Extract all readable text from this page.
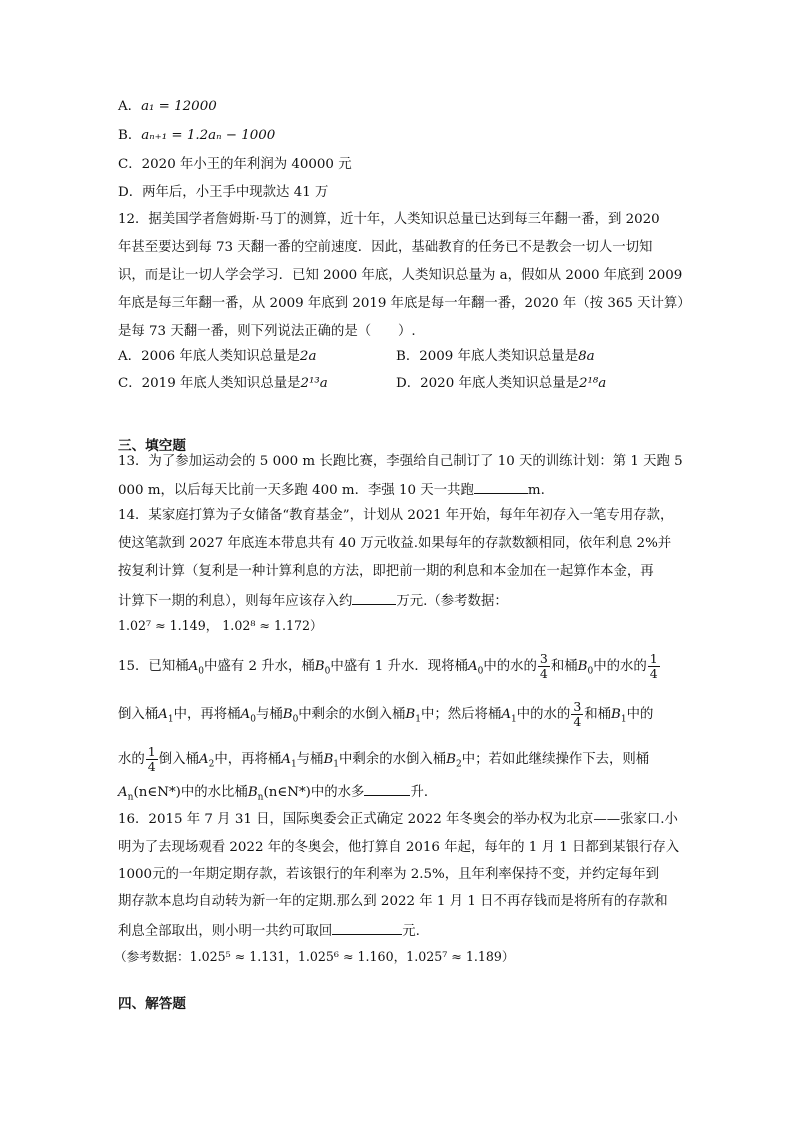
A．a₁ = 12000
B．aₙ₊₁ = 1.2aₙ − 1000
C．2020 年小王的年利润为 40000 元
D．两年后，小王手中现款达 41 万
12．据美国学者詹姆斯·马丁的测算，近十年，人类知识总量已达到每三年翻一番，到 2020
年甚至要达到每 73 天翻一番的空前速度．因此，基础教育的任务已不是教会一切人一切知
识，而是让一切人学会学习．已知 2000 年底，人类知识总量为 a，假如从 2000 年底到 2009
年底是每三年翻一番，从 2009 年底到 2019 年底是每一年翻一番，2020 年（按 365 天计算）
是每 73 天翻一番，则下列说法正确的是（　　）.
A．2006 年底人类知识总量是2a	B．2009 年底人类知识总量是8a
C．2019 年底人类知识总量是2¹³a	D．2020 年底人类知识总量是2¹⁸a
三、填空题
13．为了参加运动会的 5 000 m 长跑比赛，李强给自己制订了 10 天的训练计划：第 1 天跑 5
000 m，以后每天比前一天多跑 400 m．李强 10 天一共跑	m.
14．某家庭打算为子女储备“教育基金”，计划从 2021 年开始，每年年初存入一笔专用存款，
使这笔款到 2027 年底连本带息共有 40 万元收益.如果每年的存款数额相同，依年利息 2%并
按复利计算（复利是一种计算利息的方法，即把前一期的利息和本金加在一起算作本金，再
计算下一期的利息），则每年应该存入约	万元.（参考数据：
1.02⁷ ≈ 1.149， 1.02⁸ ≈ 1.172）
15．已知桶$A_0$中盛有 2 升水，桶$B_0$中盛有 1 升水．现将桶$A_0$中的水的 $\frac{3}{4}$ 和桶$B_0$中的水的 $\frac{1}{4}$
倒入桶$A_1$中，再将桶$A_0$与桶$B_0$中剩余的水倒入桶$B_1$中；然后将桶$A_1$中的水的 $\frac{3}{4}$ 和桶$B_1$中的
水的 $\frac{1}{4}$ 倒入桶$A_2$中，再将桶$A_1$与桶$B_1$中剩余的水倒入桶$B_2$中；若如此继续操作下去，则桶
$A_n(n\in N*)$中的水比桶$B_n(n\in N*)$中的水多	升．
16．2015 年 7 月 31 日，国际奥委会正式确定 2022 年冬奥会的举办权为北京——张家口.小
明为了去现场观看 2022 年的冬奥会，他打算自 2016 年起，每年的 1 月 1 日都到某银行存入
1000元的一年期定期存款，若该银行的年利率为 2.5%，且年利率保持不变，并约定每年到
期存款本息均自动转为新一年的定期.那么到 2022 年 1 月 1 日不再存钱而是将所有的存款和
利息全部取出，则小明一共约可取回	元.
（参考数据：1.025⁵ ≈ 1.131，1.025⁶ ≈ 1.160，1.025⁷ ≈ 1.189）
四、解答题
